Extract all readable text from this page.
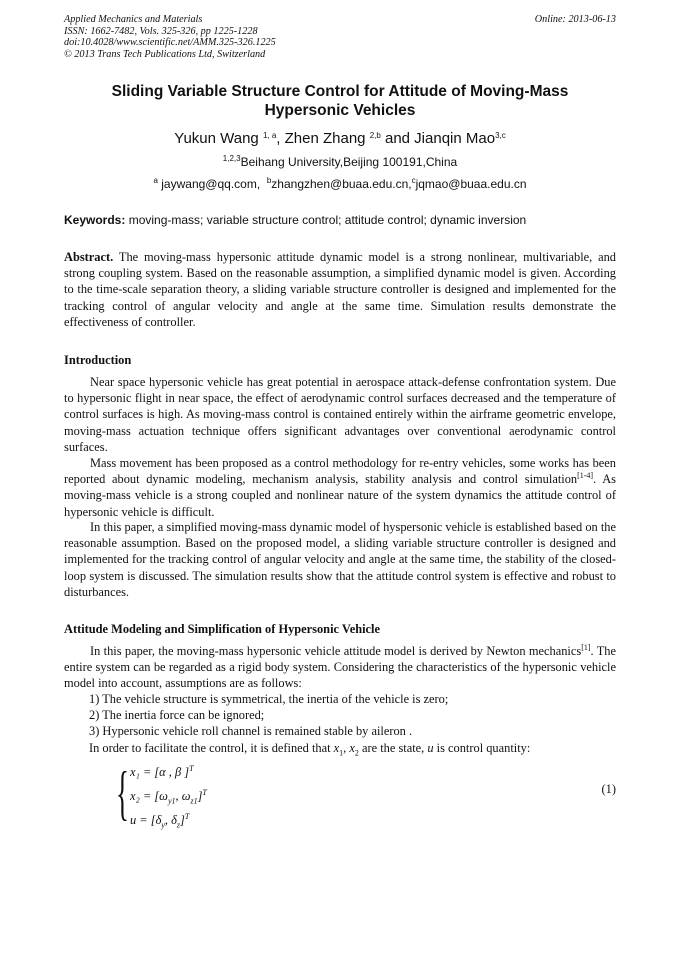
Applied Mechanics and Materials
ISSN: 1662-7482, Vols. 325-326, pp 1225-1228
doi:10.4028/www.scientific.net/AMM.325-326.1225
© 2013 Trans Tech Publications Ltd, Switzerland
Online: 2013-06-13
Sliding Variable Structure Control for Attitude of Moving-Mass
Hypersonic Vehicles
Yukun Wang $^{1, a}$, Zhen Zhang $^{2,b}$ and Jianqin Mao$^{3,c}$
$^{1,2,3}$Beihang University,Beijing 100191,China
$^a$ jaywang@qq.com, $^b$zhangzhen@buaa.edu.cn,$^c$jqmao@buaa.edu.cn
Keywords: moving-mass; variable structure control; attitude control; dynamic inversion
Abstract. The moving-mass hypersonic attitude dynamic model is a strong nonlinear, multivariable, and strong coupling system. Based on the reasonable assumption, a simplified dynamic model is given. According to the time-scale separation theory, a sliding variable structure controller is designed and implemented for the tracking control of angular velocity and angle at the same time. Simulation results demonstrate the effectiveness of controller.
Introduction
Near space hypersonic vehicle has great potential in aerospace attack-defense confrontation system. Due to hypersonic flight in near space, the effect of aerodynamic control surfaces decreased and the temperature of control surfaces is high. As moving-mass control is contained entirely within the airframe geometric envelope, moving-mass actuation technique offers significant advantages over conventional aerodynamic control surfaces.
Mass movement has been proposed as a control methodology for re-entry vehicles, some works has been reported about dynamic modeling, mechanism analysis, stability analysis and control simulation[1-4]. As moving-mass vehicle is a strong coupled and nonlinear nature of the system dynamics the attitude control of hypersonic vehicle is difficult.
In this paper, a simplified moving-mass dynamic model of hyspersonic vehicle is established based on the reasonable assumption. Based on the proposed model, a sliding variable structure controller is designed and implemented for the tracking control of angular velocity and angle at the same time, the stability of the closed-loop system is discussed. The simulation results show that the attitude control system is effective and robust to disturbances.
Attitude Modeling and Simplification of Hypersonic Vehicle
In this paper, the moving-mass hypersonic vehicle attitude model is derived by Newton mechanics[1]. The entire system can be regarded as a rigid body system. Considering the characteristics of the hypersonic vehicle model into account, assumptions are as follows:
1) The vehicle structure is symmetrical, the inertia of the vehicle is zero;
2) The inertia force can be ignored;
3) Hypersonic vehicle roll channel is remained stable by aileron .
In order to facilitate the control, it is defined that $x_1$, $x_2$ are the state, u is control quantity:
{ x₁ = [α , β ]$^T$
$x_2 = [\omega_{y1}$, $\omega_{z1}]^T$
$u = [\delta_y$, $\delta_z]^T$
(1)
